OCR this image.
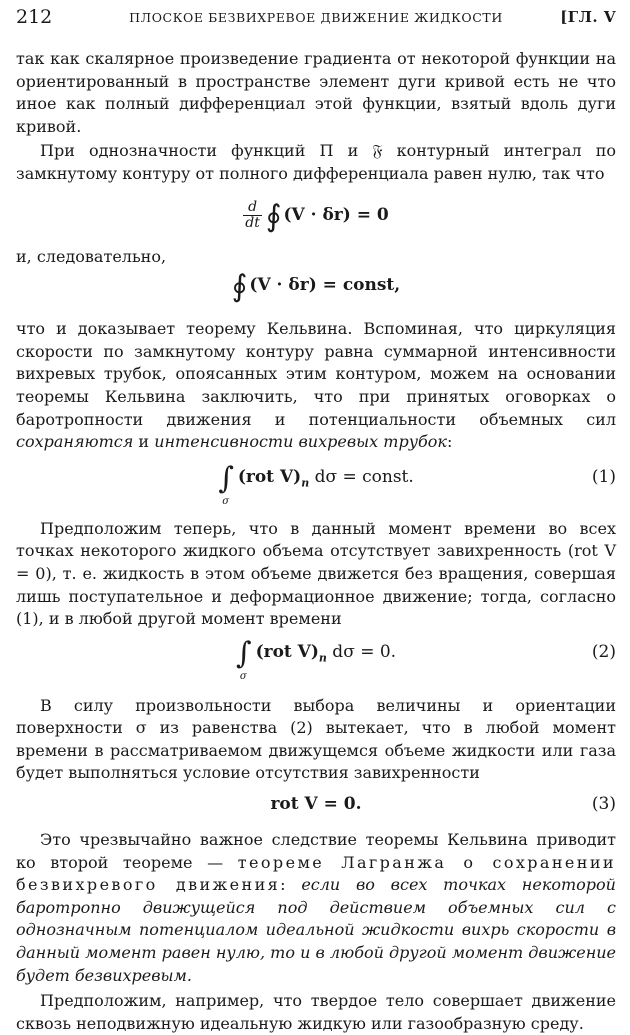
212	ПЛОСКОЕ БЕЗВИХРЕВОЕ ДВИЖЕНИЕ ЖИДКОСТИ	[ГЛ. V

так как скалярное произведение градиента от некоторой функции на ориентированный в пространстве элемент дуги кривой есть не что иное как полный дифференциал этой функции, взятый вдоль дуги кривой.

При однозначности функций П и 𝔉 контурный интеграл по замкнутому контуру от полного дифференциала равен нулю, так что

$\frac{d}{dt}$ ∮ (V · δr) = 0

и, следовательно,

∮ (V · δr) = const,

что и доказывает теорему Кельвина. Вспоминая, что циркуляция скорости по замкнутому контуру равна суммарной интенсивности вихревых трубок, опоясанных этим контуром, можем на основании теоремы Кельвина заключить, что при принятых оговорках о баротропности движения и потенциальности объемных сил сохраняются и интенсивности вихревых трубок:

∫
σ
(rot $V)_n$ dσ = const.	(1)

Предположим теперь, что в данный момент времени во всех точках некоторого жидкого объема отсутствует завихренность (rot V = 0), т. е. жидкость в этом объеме движется без вращения, совершая лишь поступательное и деформационное движение; тогда, согласно (1), и в любой другой момент времени

∫
σ
(rot $V)_n$ dσ = 0.	(2)

В силу произвольности выбора величины и ориентации поверхности σ из равенства (2) вытекает, что в любой момент времени в рассматриваемом движущемся объеме жидкости или газа будет выполняться условие отсутствия завихренности

rot V = 0.	(3)

Это чрезвычайно важное следствие теоремы Кельвина приводит ко второй теореме — теореме Лагранжа о сохранении безвихревого движения: если во всех точках некоторой баротропно движущейся под действием объемных сил с однозначным потенциалом идеальной жидкости вихрь скорости в данный момент равен нулю, то и в любой другой момент движение будет безвихревым.

Предположим, например, что твердое тело совершает движение сквозь неподвижную идеальную жидкую или газообразную среду.
